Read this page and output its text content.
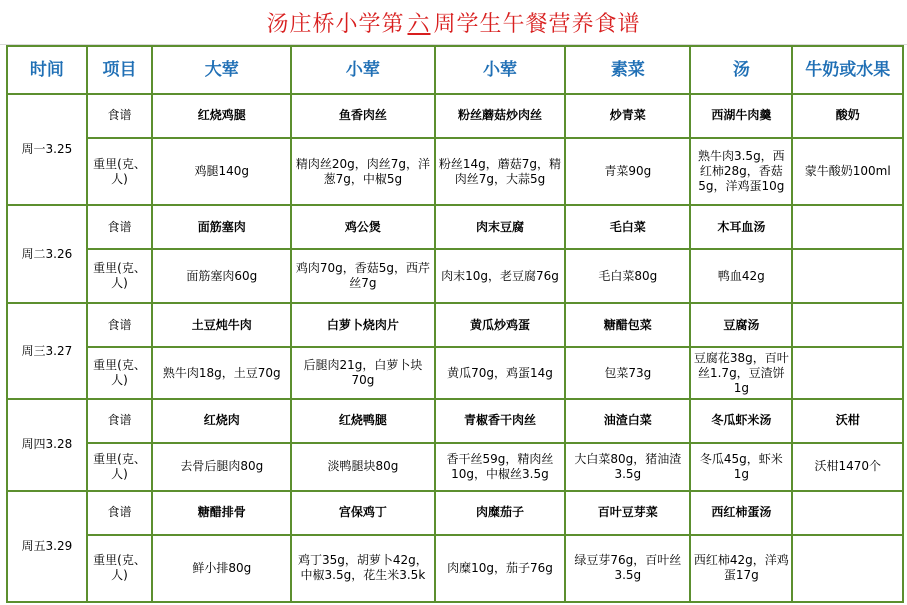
汤庄桥小学第 六 周学生午餐营养食谱
时间	项目	大荤	小荤	小荤	素菜	汤	牛奶或水果
周一3.25	食谱	红烧鸡腿	鱼香肉丝	粉丝蘑菇炒肉丝	炒青菜	西湖牛肉羹	酸奶
	重里(克、人)	鸡腿140g	精肉丝20g，肉丝7g，洋葱7g，中椒5g	粉丝14g，蘑菇7g，精肉丝7g，大蒜5g	青菜90g	熟牛肉3.5g，西红柿28g，香菇5g，洋鸡蛋10g	蒙牛酸奶100ml
周二3.26	食谱	面筋塞肉	鸡公煲	肉末豆腐	毛白菜	木耳血汤	
	重里(克、人)	面筋塞肉60g	鸡肉70g，香菇5g，西芹丝7g	肉末10g，老豆腐76g	毛白菜80g	鸭血42g	
周三3.27	食谱	土豆炖牛肉	白萝卜烧肉片	黄瓜炒鸡蛋	糖醋包菜	豆腐汤	
	重里(克、人)	熟牛肉18g，土豆70g	后腿肉21g，白萝卜块70g	黄瓜70g，鸡蛋14g	包菜73g	豆腐花38g，百叶丝1.7g，豆渣饼1g	
周四3.28	食谱	红烧肉	红烧鸭腿	青椒香干肉丝	油渣白菜	冬瓜虾米汤	沃柑
	重里(克、人)	去骨后腿肉80g	淡鸭腿块80g	香干丝59g，精肉丝10g，中椒丝3.5g	大白菜80g，猪油渣3.5g	冬瓜45g，虾米1g	沃柑1470个
周五3.29	食谱	糖醋排骨	宫保鸡丁	肉糜茄子	百叶豆芽菜	西红柿蛋汤	
	重里(克、人)	鲜小排80g	鸡丁35g，胡萝卜42g，中椒3.5g，花生米3.5k	肉糜10g，茄子76g	绿豆芽76g，百叶丝3.5g	西红柿42g，洋鸡蛋17g	
